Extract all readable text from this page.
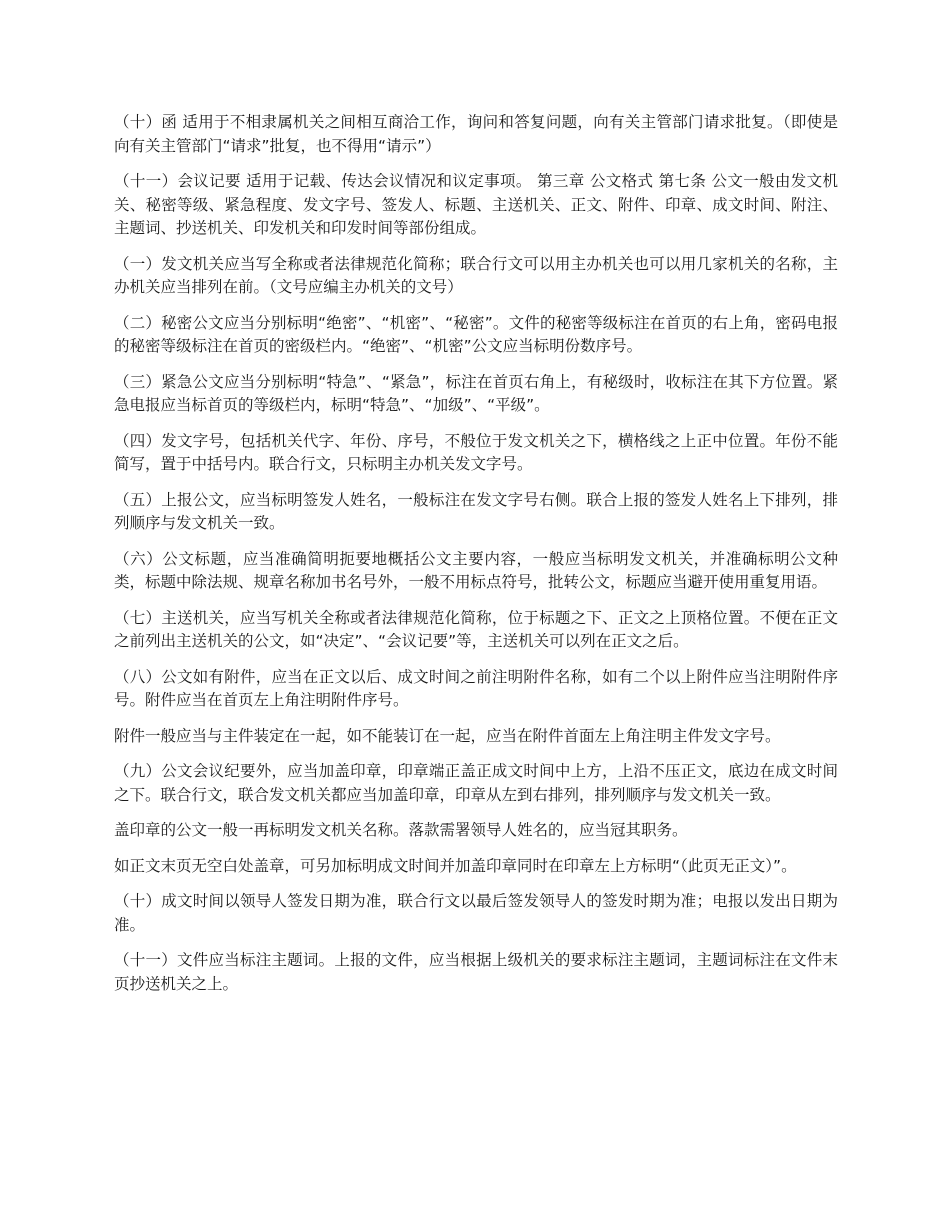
（十）函 适用于不相隶属机关之间相互商洽工作，询问和答复问题，向有关主管部门请求批复。（即使是向有关主管部门“请求”批复，也不得用“请示”）

（十一）会议记要 适用于记载、传达会议情况和议定事项。 第三章 公文格式 第七条 公文一般由发文机关、秘密等级、紧急程度、发文字号、签发人、标题、主送机关、正文、附件、印章、成文时间、附注、主题词、抄送机关、印发机关和印发时间等部份组成。

（一）发文机关应当写全称或者法律规范化简称；联合行文可以用主办机关也可以用几家机关的名称，主办机关应当排列在前。（文号应编主办机关的文号）

（二）秘密公文应当分别标明“绝密”、“机密”、“秘密”。文件的秘密等级标注在首页的右上角，密码电报的秘密等级标注在首页的密级栏内。“绝密”、“机密”公文应当标明份数序号。

（三）紧急公文应当分别标明“特急”、“紧急”，标注在首页右角上，有秘级时，收标注在其下方位置。紧急电报应当标首页的等级栏内，标明“特急”、“加级”、“平级”。

（四）发文字号，包括机关代字、年份、序号，不般位于发文机关之下，横格线之上正中位置。年份不能简写，置于中括号内。联合行文，只标明主办机关发文字号。

（五）上报公文，应当标明签发人姓名，一般标注在发文字号右侧。联合上报的签发人姓名上下排列，排列顺序与发文机关一致。

（六）公文标题，应当准确简明扼要地概括公文主要内容，一般应当标明发文机关，并准确标明公文种类，标题中除法规、规章名称加书名号外，一般不用标点符号，批转公文，标题应当避开使用重复用语。

（七）主送机关，应当写机关全称或者法律规范化简称，位于标题之下、正文之上顶格位置。不便在正文之前列出主送机关的公文，如“决定”、“会议记要”等，主送机关可以列在正文之后。

（八）公文如有附件，应当在正文以后、成文时间之前注明附件名称，如有二个以上附件应当注明附件序号。附件应当在首页左上角注明附件序号。

附件一般应当与主件装定在一起，如不能装订在一起，应当在附件首面左上角注明主件发文字号。

（九）公文会议纪要外，应当加盖印章，印章端正盖正成文时间中上方，上沿不压正文，底边在成文时间之下。联合行文，联合发文机关都应当加盖印章，印章从左到右排列，排列顺序与发文机关一致。

盖印章的公文一般一再标明发文机关名称。落款需署领导人姓名的，应当冠其职务。

如正文末页无空白处盖章，可另加标明成文时间并加盖印章同时在印章左上方标明“（此页无正文）”。

（十）成文时间以领导人签发日期为准，联合行文以最后签发领导人的签发时期为准；电报以发出日期为准。

（十一）文件应当标注主题词。上报的文件，应当根据上级机关的要求标注主题词，主题词标注在文件末页抄送机关之上。
